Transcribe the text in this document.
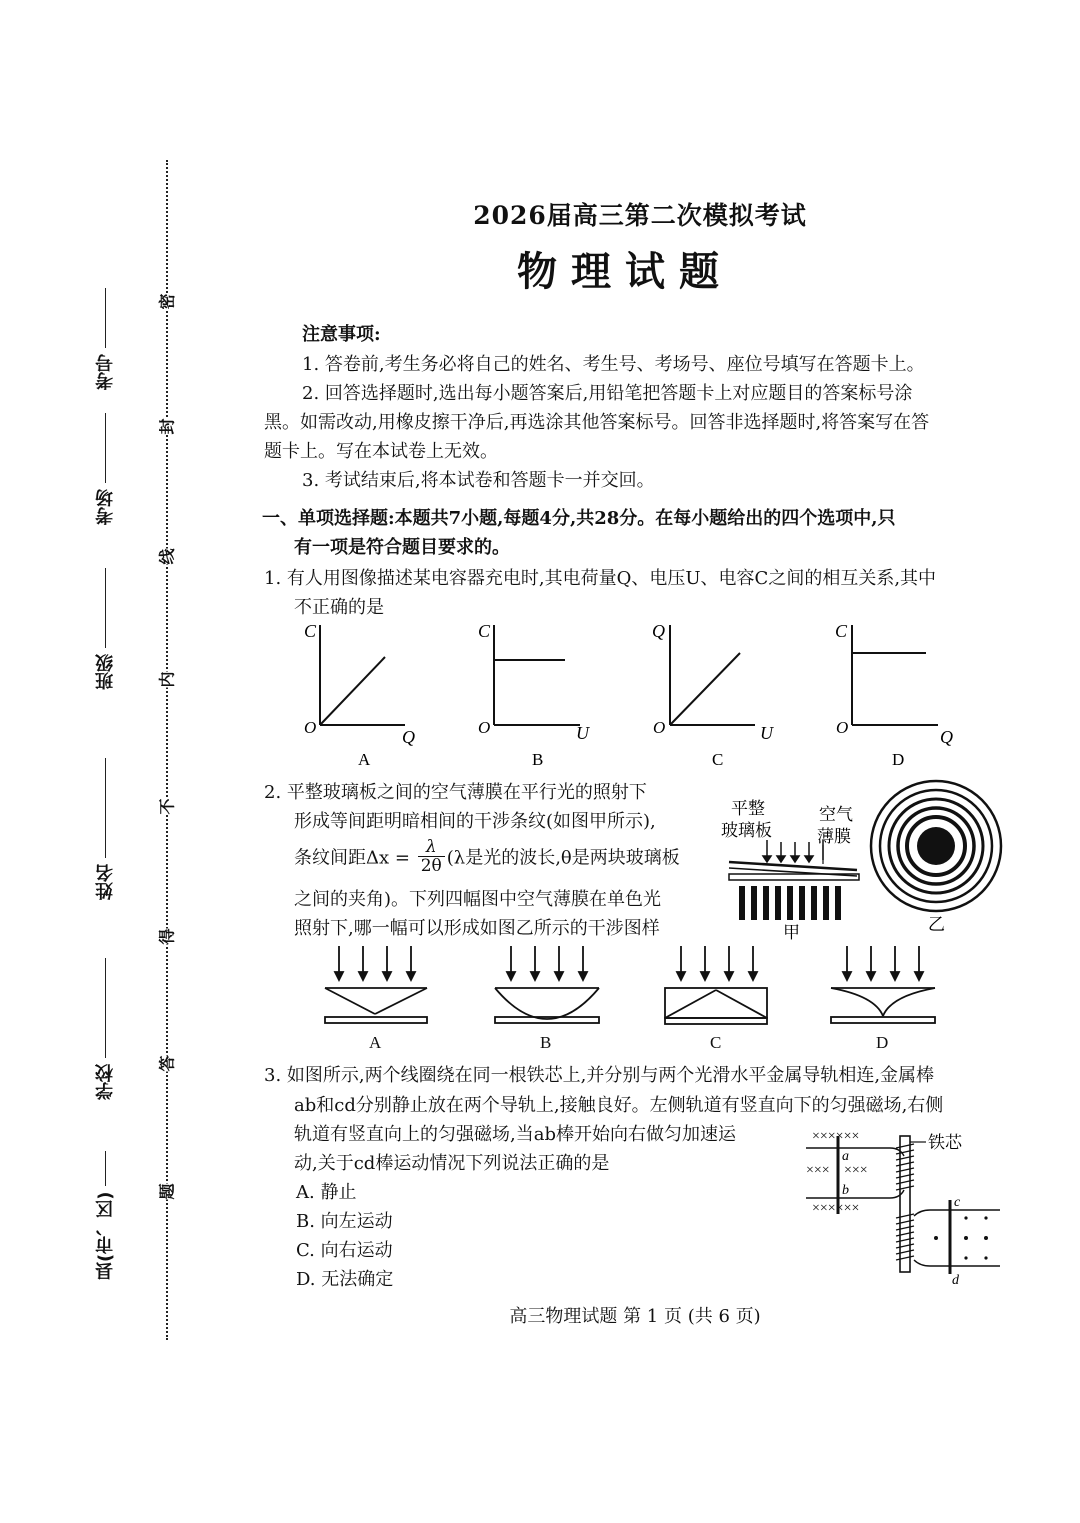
考号
考场
班级
姓名
学校
县(市、区)
密
封
线
内
不
得
答
题
2026届高三第二次模拟考试
物理试题
注意事项:
1. 答卷前,考生务必将自己的姓名、考生号、考场号、座位号填写在答题卡上。
2. 回答选择题时,选出每小题答案后,用铅笔把答题卡上对应题目的答案标号涂
黑。如需改动,用橡皮擦干净后,再选涂其他答案标号。回答非选择题时,将答案写在答
题卡上。写在本试卷上无效。
3. 考试结束后,将本试卷和答题卡一并交回。
一、单项选择题:本题共7小题,每题4分,共28分。在每小题给出的四个选项中,只
有一项是符合题目要求的。
1. 有人用图像描述某电容器充电时,其电荷量Q、电压U、电容C之间的相互关系,其中
不正确的是
C
O	Q
A
C
O	U
B
Q
O	U
C
C
O	Q
D
2. 平整玻璃板之间的空气薄膜在平行光的照射下
形成等间距明暗相间的干涉条纹(如图甲所示),
条纹间距$\Delta x = \frac{\lambda}{2\theta} (\lambda$是光的波长,θ是两块玻璃板
之间的夹角)。下列四幅图中空气薄膜在单色光
照射下,哪一幅可以形成如图乙所示的干涉图样
平整
玻璃板
空气
薄膜
甲	乙
A	B	C	D
3. 如图所示,两个线圈绕在同一根铁芯上,并分别与两个光滑水平金属导轨相连,金属棒
ab和cd分别静止放在两个导轨上,接触良好。左侧轨道有竖直向下的匀强磁场,右侧
轨道有竖直向上的匀强磁场,当ab棒开始向右做匀加速运
动,关于cd棒运动情况下列说法正确的是
A. 静止
B. 向左运动
C. 向右运动
D. 无法确定
××××××
××× ×××
××××××
a
b
铁芯
c
d
高三物理试题 第 1 页 (共 6 页)
